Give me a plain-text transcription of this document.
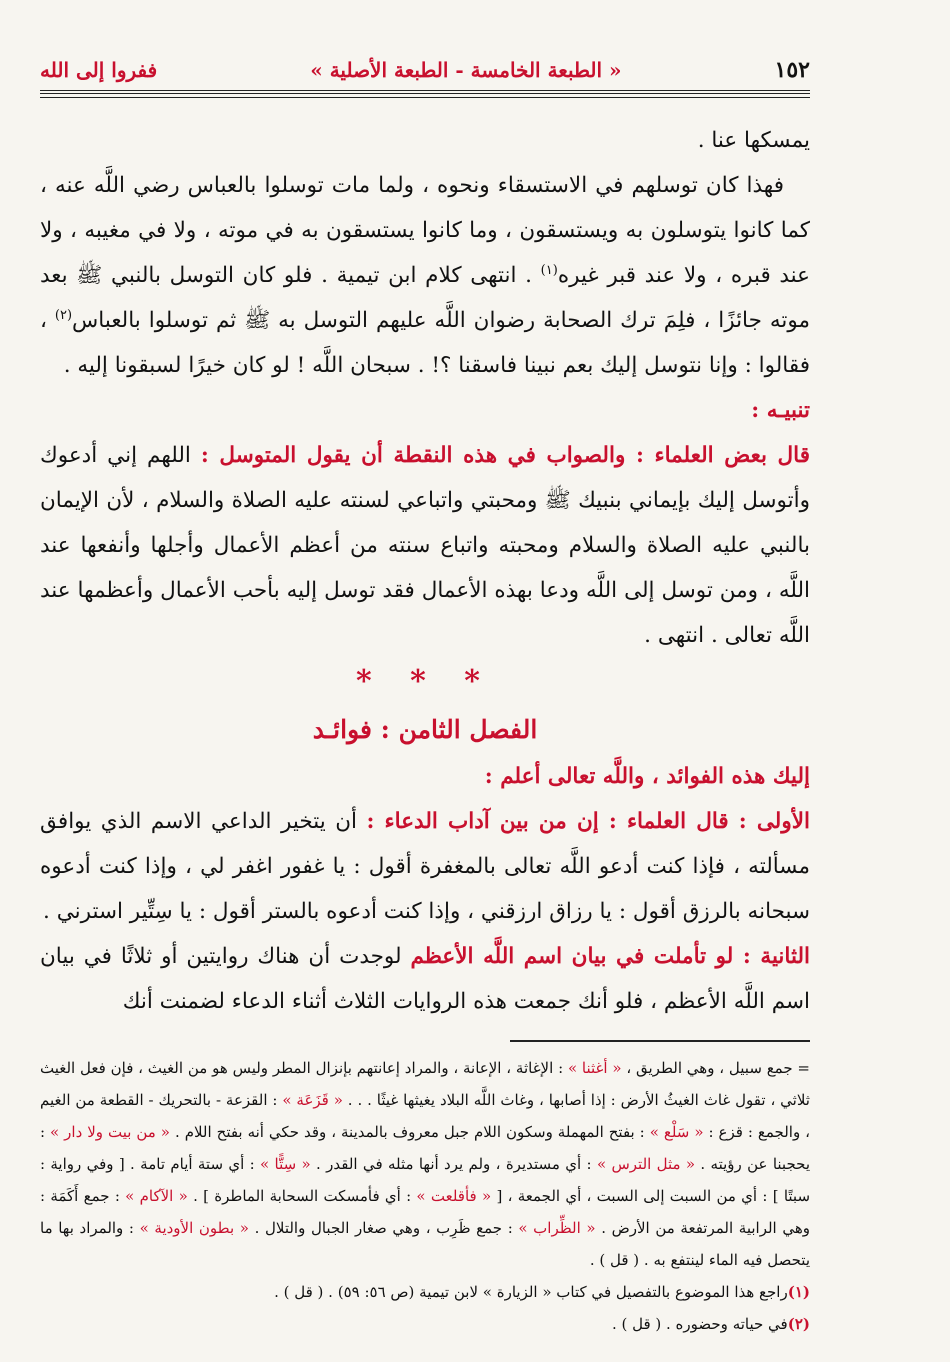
١٥٢
« الطبعة الخامسة - الطبعة الأصلية »
ففروا إلى الله

يمسكها عنا .

فهذا كان توسلهم في الاستسقاء ونحوه ، ولما مات توسلوا بالعباس رضي اللَّه عنه ، كما كانوا يتوسلون به ويستسقون ، وما كانوا يستسقون به في موته ، ولا في مغيبه ، ولا عند قبره ، ولا عند قبر غيره$^{(١)}$ . انتهى كلام ابن تيمية . فلو كان التوسل بالنبي ﷺ بعد موته جائزًا ، فلِمَ ترك الصحابة رضوان اللَّه عليهم التوسل به ﷺ ثم توسلوا بالعباس$^{(٢)}$ ، فقالوا : وإنا نتوسل إليك بعم نبينا فاسقنا ؟! . سبحان اللَّه ! لو كان خيرًا لسبقونا إليه .

تنبيـه :

قال بعض العلماء : والصواب في هذه النقطة أن يقول المتوسل : اللهم إني أدعوك وأتوسل إليك بإيماني بنبيك ﷺ ومحبتي واتباعي لسنته عليه الصلاة والسلام ، لأن الإيمان بالنبي عليه الصلاة والسلام ومحبته واتباع سنته من أعظم الأعمال وأجلها وأنفعها عند اللَّه ، ومن توسل إلى اللَّه ودعا بهذه الأعمال فقد توسل إليه بأحب الأعمال وأعظمها عند اللَّه تعالى . انتهى .

* * *

الفصل الثامن : فوائـد

إليك هذه الفوائد ، واللَّه تعالى أعلم :

الأولى : قال العلماء : إن من بين آداب الدعاء : أن يتخير الداعي الاسم الذي يوافق مسألته ، فإذا كنت أدعو اللَّه تعالى بالمغفرة أقول : يا غفور اغفر لي ، وإذا كنت أدعوه سبحانه بالرزق أقول : يا رزاق ارزقني ، وإذا كنت أدعوه بالستر أقول : يا سِتِّير استرني .

الثانية : لو تأملت في بيان اسم اللَّه الأعظم لوجدت أن هناك روايتين أو ثلاثًا في بيان اسم اللَّه الأعظم ، فلو أنك جمعت هذه الروايات الثلاث أثناء الدعاء لضمنت أنك

= جمع سبيل ، وهي الطريق ، « أغثنا » : الإغاثة ، الإعانة ، والمراد إعانتهم بإنزال المطر وليس هو من الغيث ، فإن فعل الغيث ثلاثي ، تقول غاث الغيثُ الأرض : إذا أصابها ، وغاث اللَّه البلاد يغيثها غيثًا . . . « قَزَعَة » : القزعة - بالتحريك - القطعة من الغيم ، والجمع : قزع : « سَلْع » : بفتح المهملة وسكون اللام جبل معروف بالمدينة ، وقد حكي أنه بفتح اللام . « من بيت ولا دار » : يحجبنا عن رؤيته . « مثل الترس » : أي مستديرة ، ولم يرد أنها مثله في القدر . « سِتًّا » : أي ستة أيام تامة . [ وفي رواية : سبتًا ] : أي من السبت إلى السبت ، أي الجمعة ، [ « فأقلعت » : أي فأمسكت السحابة الماطرة ] . « الآكام » : جمع أَكَمَة : وهي الرابية المرتفعة من الأرض . « الظِّراب » : جمع ظَرِب ، وهي صغار الجبال والتلال . « بطون الأودية » : والمراد بها ما يتحصل فيه الماء لينتفع به . ( قل ) .

(١)راجع هذا الموضوع بالتفصيل في كتاب « الزيارة » لابن تيمية (ص ٥٦: ٥٩) . ( قل ) .

(٢)في حياته وحضوره . ( قل ) .
